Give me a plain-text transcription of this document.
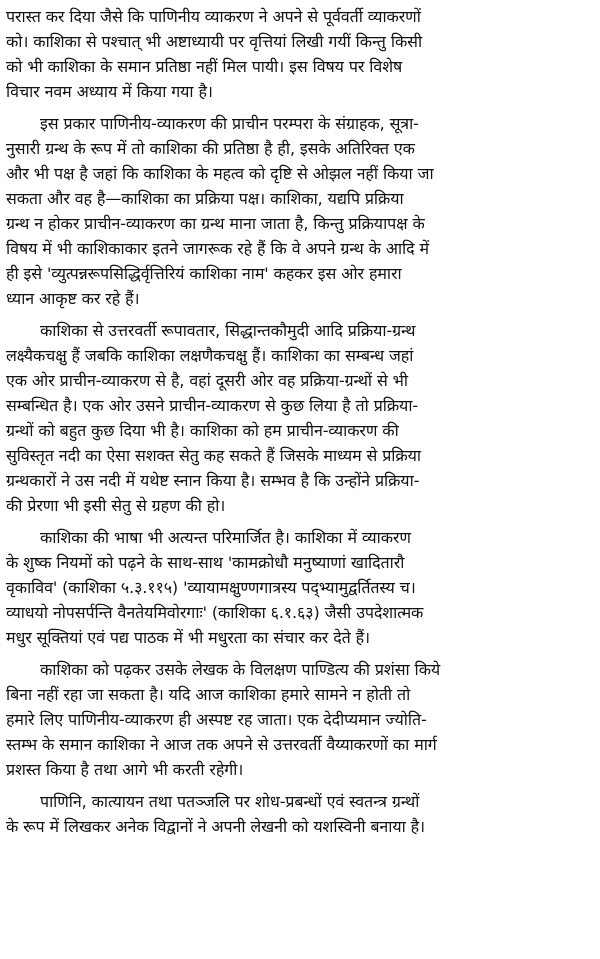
परास्त कर दिया जैसे कि पाणिनीय व्याकरण ने अपने से पूर्ववर्ती व्याकरणों
को। काशिका से पश्चात् भी अष्टाध्यायी पर वृत्तियां लिखी गयीं किन्तु किसी
को भी काशिका के समान प्रतिष्ठा नहीं मिल पायी। इस विषय पर विशेष
विचार नवम अध्याय में किया गया है।
इस प्रकार पाणिनीय-व्याकरण की प्राचीन परम्परा के संग्राहक, सूत्रा-
नुसारी ग्रन्थ के रूप में तो काशिका की प्रतिष्ठा है ही, इसके अतिरिक्त एक
और भी पक्ष है जहां कि काशिका के महत्व को दृष्टि से ओझल नहीं किया जा
सकता और वह है—काशिका का प्रक्रिया पक्ष। काशिका, यद्यपि प्रक्रिया
ग्रन्थ न होकर प्राचीन-व्याकरण का ग्रन्थ माना जाता है, किन्तु प्रक्रियापक्ष के
विषय में भी काशिकाकार इतने जागरूक रहे हैं कि वे अपने ग्रन्थ के आदि में
ही इसे 'व्युत्पन्नरूपसिद्धिर्वृत्तिरियं काशिका नाम' कहकर इस ओर हमारा
ध्यान आकृष्ट कर रहे हैं।
काशिका से उत्तरवर्ती रूपावतार, सिद्धान्तकौमुदी आदि प्रक्रिया-ग्रन्थ
लक्ष्यैकचक्षु हैं जबकि काशिका लक्षणैकचक्षु हैं। काशिका का सम्बन्ध जहां
एक ओर प्राचीन-व्याकरण से है, वहां दूसरी ओर वह प्रक्रिया-ग्रन्थों से भी
सम्बन्धित है। एक ओर उसने प्राचीन-व्याकरण से कुछ लिया है तो प्रक्रिया-
ग्रन्थों को बहुत कुछ दिया भी है। काशिका को हम प्राचीन-व्याकरण की
सुविस्तृत नदी का ऐसा सशक्त सेतु कह सकते हैं जिसके माध्यम से प्रक्रिया
ग्रन्थकारों ने उस नदी में यथेष्ट स्नान किया है। सम्भव है कि उन्होंने प्रक्रिया-
की प्रेरणा भी इसी सेतु से ग्रहण की हो।
काशिका की भाषा भी अत्यन्त परिमार्जित है। काशिका में व्याकरण
के शुष्क नियमों को पढ़ने के साथ-साथ 'कामक्रोधौ मनुष्याणां खादितारौ
वृकाविव' (काशिका ५.३.११५) 'व्यायामक्षुण्णगात्रस्य पद्भ्यामुद्वर्तितस्य च।
व्याधयो नोपसर्पन्ति वैनतेयमिवोरगाः' (काशिका ६.१.६३) जैसी उपदेशात्मक
मधुर सूक्तियां एवं पद्य पाठक में भी मधुरता का संचार कर देते हैं।
काशिका को पढ़कर उसके लेखक के विलक्षण पाण्डित्य की प्रशंसा किये
बिना नहीं रहा जा सकता है। यदि आज काशिका हमारे सामने न होती तो
हमारे लिए पाणिनीय-व्याकरण ही अस्पष्ट रह जाता। एक देदीप्यमान ज्योति-
स्तम्भ के समान काशिका ने आज तक अपने से उत्तरवर्ती वैय्याकरणों का मार्ग
प्रशस्त किया है तथा आगे भी करती रहेगी।
पाणिनि, कात्यायन तथा पतञ्जलि पर शोध-प्रबन्धों एवं स्वतन्त्र ग्रन्थों
के रूप में लिखकर अनेक विद्वानों ने अपनी लेखनी को यशस्विनी बनाया है।
